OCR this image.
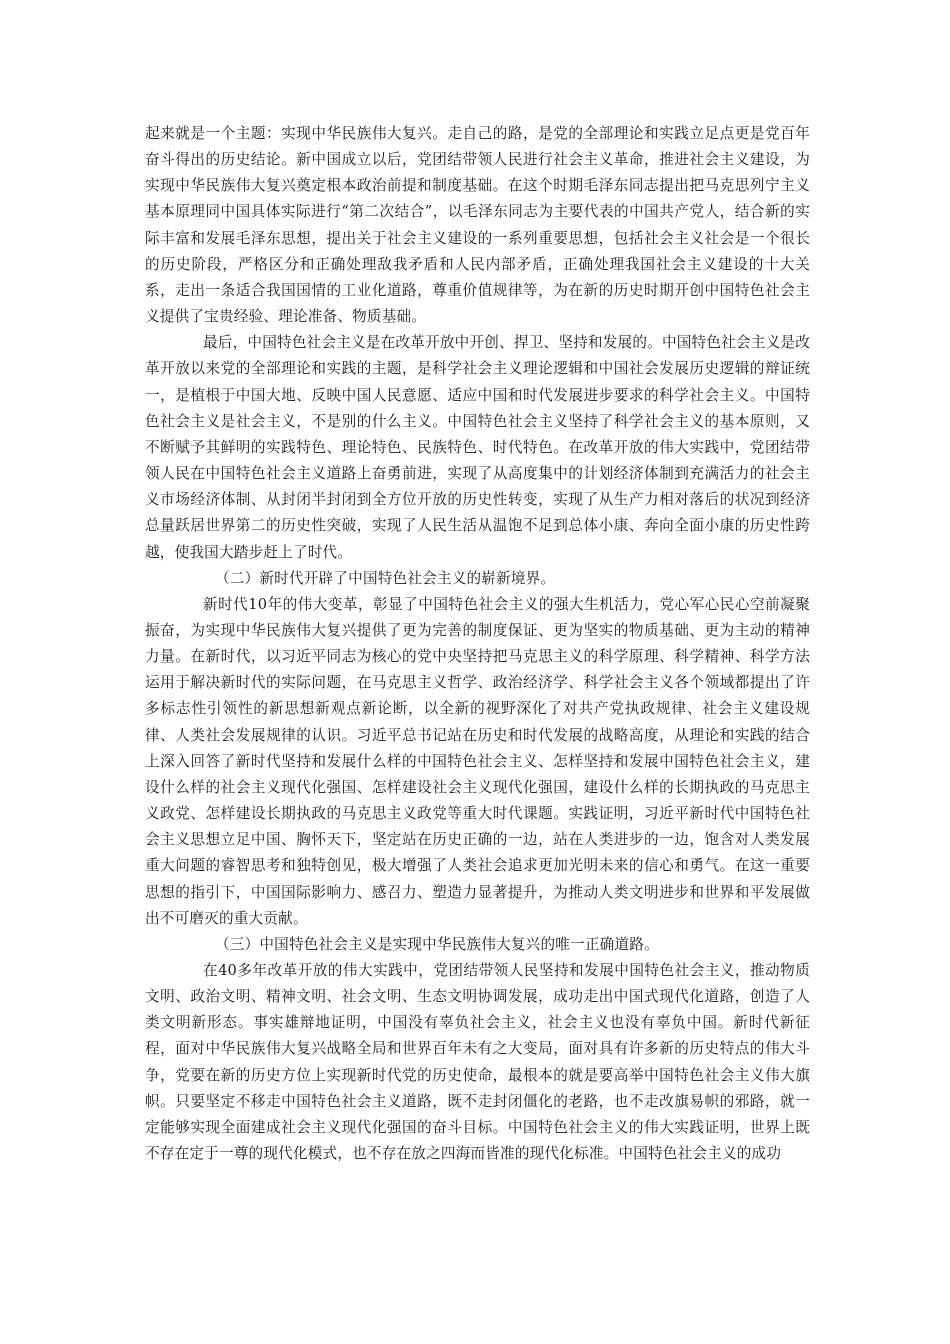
起来就是一个主题：实现中华民族伟大复兴。走自己的路，是党的全部理论和实践立足点更是党百年奋斗得出的历史结论。新中国成立以后，党团结带领人民进行社会主义革命，推进社会主义建设，为实现中华民族伟大复兴奠定根本政治前提和制度基础。在这个时期毛泽东同志提出把马克思列宁主义基本原理同中国具体实际进行“第二次结合”，以毛泽东同志为主要代表的中国共产党人，结合新的实际丰富和发展毛泽东思想，提出关于社会主义建设的一系列重要思想，包括社会主义社会是一个很长的历史阶段，严格区分和正确处理敌我矛盾和人民内部矛盾，正确处理我国社会主义建设的十大关系，走出一条适合我国国情的工业化道路，尊重价值规律等，为在新的历史时期开创中国特色社会主义提供了宝贵经验、理论准备、物质基础。

最后，中国特色社会主义是在改革开放中开创、捍卫、坚持和发展的。中国特色社会主义是改革开放以来党的全部理论和实践的主题，是科学社会主义理论逻辑和中国社会发展历史逻辑的辩证统一，是植根于中国大地、反映中国人民意愿、适应中国和时代发展进步要求的科学社会主义。中国特色社会主义是社会主义，不是别的什么主义。中国特色社会主义坚持了科学社会主义的基本原则，又不断赋予其鲜明的实践特色、理论特色、民族特色、时代特色。在改革开放的伟大实践中，党团结带领人民在中国特色社会主义道路上奋勇前进，实现了从高度集中的计划经济体制到充满活力的社会主义市场经济体制、从封闭半封闭到全方位开放的历史性转变，实现了从生产力相对落后的状况到经济总量跃居世界第二的历史性突破，实现了人民生活从温饱不足到总体小康、奔向全面小康的历史性跨越，使我国大踏步赶上了时代。

（二）新时代开辟了中国特色社会主义的崭新境界。

新时代10年的伟大变革，彰显了中国特色社会主义的强大生机活力，党心军心民心空前凝聚振奋，为实现中华民族伟大复兴提供了更为完善的制度保证、更为坚实的物质基础、更为主动的精神力量。在新时代，以习近平同志为核心的党中央坚持把马克思主义的科学原理、科学精神、科学方法运用于解决新时代的实际问题，在马克思主义哲学、政治经济学、科学社会主义各个领域都提出了许多标志性引领性的新思想新观点新论断，以全新的视野深化了对共产党执政规律、社会主义建设规律、人类社会发展规律的认识。习近平总书记站在历史和时代发展的战略高度，从理论和实践的结合上深入回答了新时代坚持和发展什么样的中国特色社会主义、怎样坚持和发展中国特色社会主义，建设什么样的社会主义现代化强国、怎样建设社会主义现代化强国，建设什么样的长期执政的马克思主义政党、怎样建设长期执政的马克思主义政党等重大时代课题。实践证明，习近平新时代中国特色社会主义思想立足中国、胸怀天下，坚定站在历史正确的一边，站在人类进步的一边，饱含对人类发展重大问题的睿智思考和独特创见，极大增强了人类社会追求更加光明未来的信心和勇气。在这一重要思想的指引下，中国国际影响力、感召力、塑造力显著提升，为推动人类文明进步和世界和平发展做出不可磨灭的重大贡献。

（三）中国特色社会主义是实现中华民族伟大复兴的唯一正确道路。

在40多年改革开放的伟大实践中，党团结带领人民坚持和发展中国特色社会主义，推动物质文明、政治文明、精神文明、社会文明、生态文明协调发展，成功走出中国式现代化道路，创造了人类文明新形态。事实雄辩地证明，中国没有辜负社会主义，社会主义也没有辜负中国。新时代新征程，面对中华民族伟大复兴战略全局和世界百年未有之大变局，面对具有许多新的历史特点的伟大斗争，党要在新的历史方位上实现新时代党的历史使命，最根本的就是要高举中国特色社会主义伟大旗帜。只要坚定不移走中国特色社会主义道路，既不走封闭僵化的老路，也不走改旗易帜的邪路，就一定能够实现全面建成社会主义现代化强国的奋斗目标。中国特色社会主义的伟大实践证明，世界上既不存在定于一尊的现代化模式，也不存在放之四海而皆准的现代化标准。中国特色社会主义的成功
